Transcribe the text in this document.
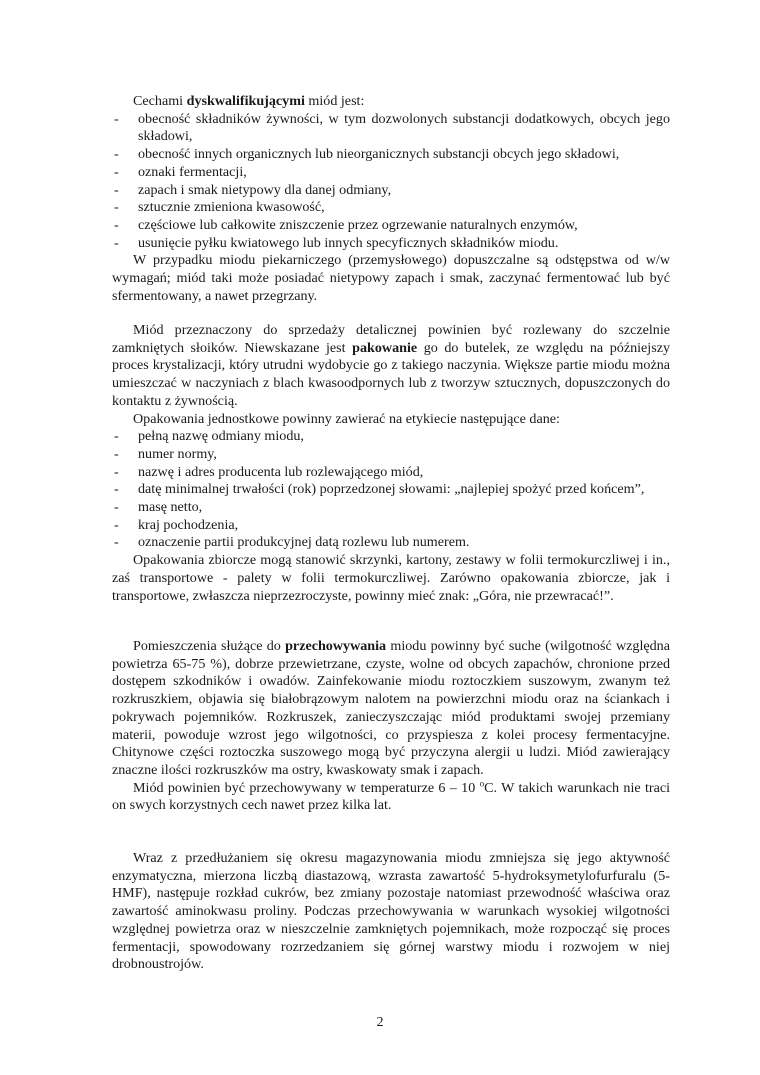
Cechami dyskwalifikującymi miód jest:

- obecność składników żywności, w tym dozwolonych substancji dodatkowych, obcych jego składowi,
- obecność innych organicznych lub nieorganicznych substancji obcych jego składowi,
- oznaki fermentacji,
- zapach i smak nietypowy dla danej odmiany,
- sztucznie zmieniona kwasowość,
- częściowe lub całkowite zniszczenie przez ogrzewanie naturalnych enzymów,
- usunięcie pyłku kwiatowego lub innych specyficznych składników miodu.

W przypadku miodu piekarniczego (przemysłowego) dopuszczalne są odstępstwa od w/w wymagań; miód taki może posiadać nietypowy zapach i smak, zaczynać fermentować lub być sfermentowany, a nawet przegrzany.

Miód przeznaczony do sprzedaży detalicznej powinien być rozlewany do szczelnie zamkniętych słoików. Niewskazane jest pakowanie go do butelek, ze względu na późniejszy proces krystalizacji, który utrudni wydobycie go z takiego naczynia. Większe partie miodu można umieszczać w naczyniach z blach kwasoodpornych lub z tworzyw sztucznych, dopuszczonych do kontaktu z żywnością.

Opakowania jednostkowe powinny zawierać na etykiecie następujące dane:

- pełną nazwę odmiany miodu,
- numer normy,
- nazwę i adres producenta lub rozlewającego miód,
- datę minimalnej trwałości (rok) poprzedzonej słowami: „najlepiej spożyć przed końcem”,
- masę netto,
- kraj pochodzenia,
- oznaczenie partii produkcyjnej datą rozlewu lub numerem.

Opakowania zbiorcze mogą stanowić skrzynki, kartony, zestawy w folii termokurczliwej i in., zaś transportowe - palety w folii termokurczliwej. Zarówno opakowania zbiorcze, jak i transportowe, zwłaszcza nieprzezroczyste, powinny mieć znak: „Góra, nie przewracać!”.

Pomieszczenia służące do przechowywania miodu powinny być suche (wilgotność względna powietrza 65-75 %), dobrze przewietrzane, czyste, wolne od obcych zapachów, chronione przed dostępem szkodników i owadów. Zainfekowanie miodu roztoczkiem suszowym, zwanym też rozkruszkiem, objawia się białobrązowym nalotem na powierzchni miodu oraz na ściankach i pokrywach pojemników. Rozkruszek, zanieczyszczając miód produktami swojej przemiany materii, powoduje wzrost jego wilgotności, co przyspiesza z kolei procesy fermentacyjne. Chitynowe części roztoczka suszowego mogą być przyczyna alergii u ludzi. Miód zawierający znaczne ilości rozkruszków ma ostry, kwaskowaty smak i zapach.

Miód powinien być przechowywany w temperaturze 6 – 10 $^o$C. W takich warunkach nie traci on swych korzystnych cech nawet przez kilka lat.

Wraz z przedłużaniem się okresu magazynowania miodu zmniejsza się jego aktywność enzymatyczna, mierzona liczbą diastazową, wzrasta zawartość 5-hydroksymetylofurfuralu (5-HMF), następuje rozkład cukrów, bez zmiany pozostaje natomiast przewodność właściwa oraz zawartość aminokwasu proliny. Podczas przechowywania w warunkach wysokiej wilgotności względnej powietrza oraz w nieszczelnie zamkniętych pojemnikach, może rozpocząć się proces fermentacji, spowodowany rozrzedzaniem się górnej warstwy miodu i rozwojem w niej drobnoustrojów.

2
